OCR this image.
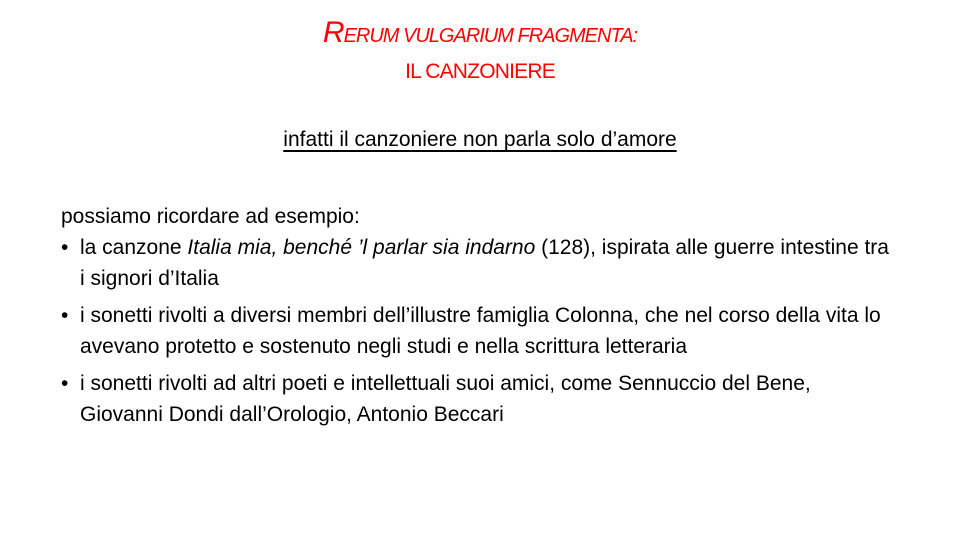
RERUM VULGARIUM FRAGMENTA:
IL CANZONIERE
infatti il canzoniere non parla solo d’amore

possiamo ricordare ad esempio:

• la canzone Italia mia, benché ’l parlar sia indarno (128), ispirata alle guerre intestine tra i signori d’Italia
• i sonetti rivolti a diversi membri dell’illustre famiglia Colonna, che nel corso della vita lo avevano protetto e sostenuto negli studi e nella scrittura letteraria
• i sonetti rivolti ad altri poeti e intellettuali suoi amici, come Sennuccio del Bene, Giovanni Dondi dall’Orologio, Antonio Beccari
